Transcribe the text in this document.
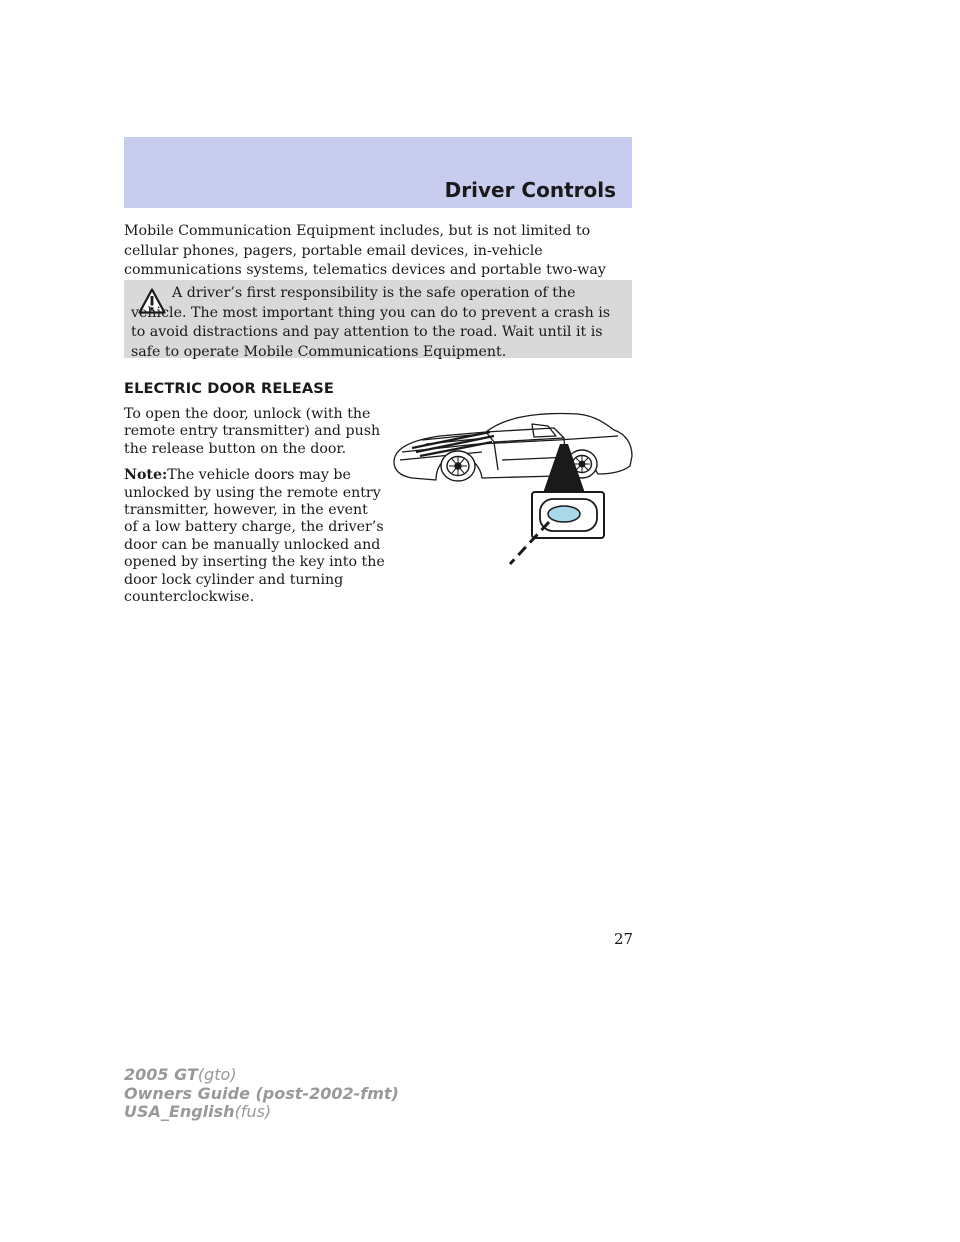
Driver Controls
Mobile Communication Equipment includes, but is not limited to cellular phones, pagers, portable email devices, in-vehicle communications systems, telematics devices and portable two-way
A driver’s first responsibility is the safe operation of the vehicle. The most important thing you can do to prevent a crash is to avoid distractions and pay attention to the road. Wait until it is safe to operate Mobile Communications Equipment.
ELECTRIC DOOR RELEASE

To open the door, unlock (with the remote entry transmitter) and push the release button on the door.

Note:The vehicle doors may be unlocked by using the remote entry transmitter, however, in the event of a low battery charge, the driver’s door can be manually unlocked and opened by inserting the key into the door lock cylinder and turning counterclockwise.

27
2005 GT(gto)
Owners Guide (post-2002-fmt)
USA_English(fus)
